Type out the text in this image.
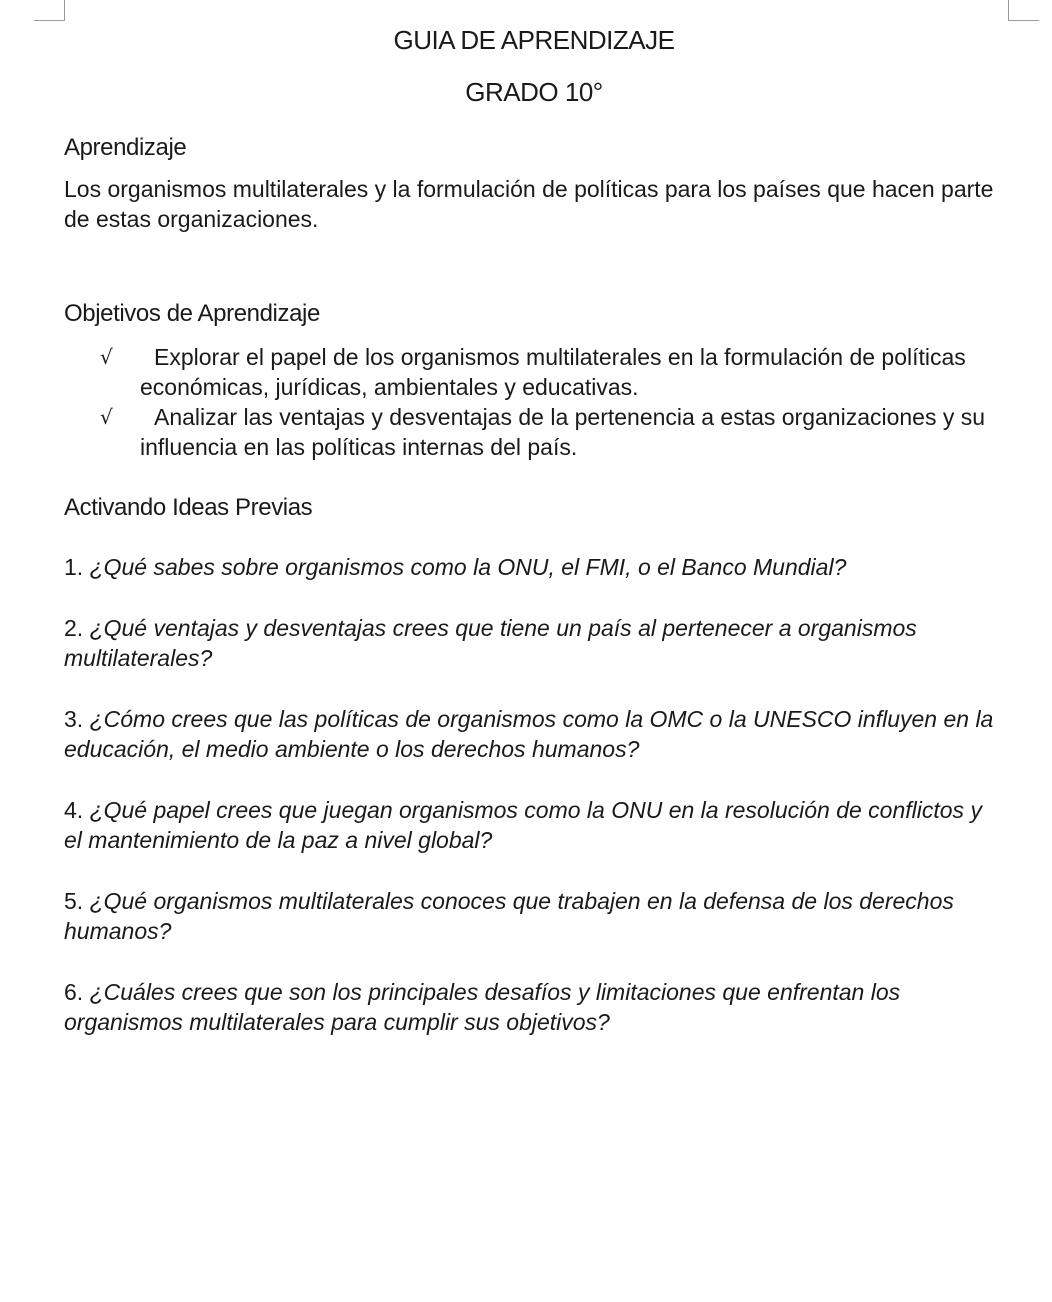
GUIA DE APRENDIZAJE
GRADO 10°
Aprendizaje

Los organismos multilaterales y la formulación de políticas para los países que hacen parte de estas organizaciones.

Objetivos de Aprendizaje
√ Explorar el papel de los organismos multilaterales en la formulación de políticas económicas, jurídicas, ambientales y educativas.
√ Analizar las ventajas y desventajas de la pertenencia a estas organizaciones y su influencia en las políticas internas del país.
Activando Ideas Previas

1. ¿Qué sabes sobre organismos como la ONU, el FMI, o el Banco Mundial?

2. ¿Qué ventajas y desventajas crees que tiene un país al pertenecer a organismos multilaterales?

3. ¿Cómo crees que las políticas de organismos como la OMC o la UNESCO influyen en la educación, el medio ambiente o los derechos humanos?

4. ¿Qué papel crees que juegan organismos como la ONU en la resolución de conflictos y el mantenimiento de la paz a nivel global?

5. ¿Qué organismos multilaterales conoces que trabajen en la defensa de los derechos humanos?

6. ¿Cuáles crees que son los principales desafíos y limitaciones que enfrentan los organismos multilaterales para cumplir sus objetivos?
